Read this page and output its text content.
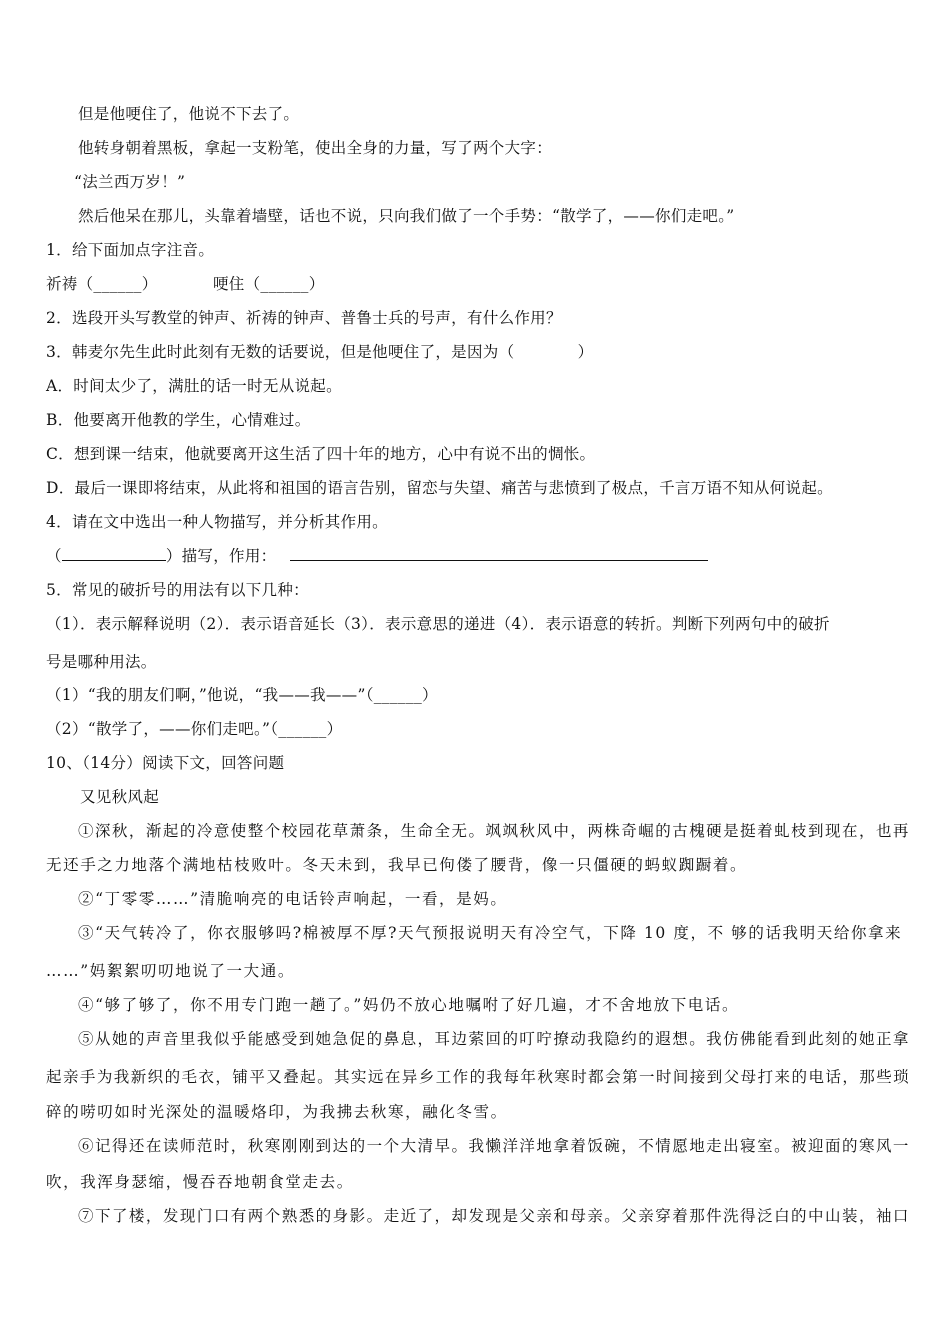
但是他哽住了，他说不下去了。
他转身朝着黑板，拿起一支粉笔，使出全身的力量，写了两个大字：
“法兰西万岁！”
然后他呆在那儿，头靠着墙壁，话也不说，只向我们做了一个手势：“散学了，——你们走吧。”
1．给下面加点字注音。
祈祷（______）	哽住（______）
2．选段开头写教堂的钟声、祈祷的钟声、普鲁士兵的号声，有什么作用？
3．韩麦尔先生此时此刻有无数的话要说，但是他哽住了，是因为（　　　　）
A．时间太少了，满肚的话一时无从说起。
B．他要离开他教的学生，心情难过。
C．想到课一结束，他就要离开这生活了四十年的地方，心中有说不出的惆怅。
D．最后一课即将结束，从此将和祖国的语言告别，留恋与失望、痛苦与悲愤到了极点，千言万语不知从何说起。
4．请在文中选出一种人物描写，并分析其作用。
（	）描写，作用：
5．常见的破折号的用法有以下几种：
（1）．表示解释说明（2）．表示语音延长（3）．表示意思的递进（4）．表示语意的转折。判断下列两句中的破折
号是哪种用法。
（1）“我的朋友们啊，”他说，“我——我——”（______）
（2）“散学了，——你们走吧。”（______）
10、（14分）阅读下文，回答问题
又见秋风起
①深秋，渐起的冷意使整个校园花草萧条，生命全无。飒飒秋风中，两株奇崛的古槐硬是挺着虬枝到现在，也再
无还手之力地落个满地枯枝败叶。冬天未到，我早已佝偻了腰背，像一只僵硬的蚂蚁踟蹰着。
②“丁零零……”清脆响亮的电话铃声响起，一看，是妈。
③“天气转冷了，你衣服够吗?棉被厚不厚?天气预报说明天有冷空气，下降 10 度，不 够的话我明天给你拿来
……”妈絮絮叨叨地说了一大通。
④“够了够了，你不用专门跑一趟了。”妈仍不放心地嘱咐了好几遍，才不舍地放下电话。
⑤从她的声音里我似乎能感受到她急促的鼻息，耳边萦回的叮咛撩动我隐约的遐想。我仿佛能看到此刻的她正拿
起亲手为我新织的毛衣，铺平又叠起。其实远在异乡工作的我每年秋寒时都会第一时间接到父母打来的电话，那些琐
碎的唠叨如时光深处的温暖烙印，为我拂去秋寒，融化冬雪。
⑥记得还在读师范时，秋寒刚刚到达的一个大清早。我懒洋洋地拿着饭碗，不情愿地走出寝室。被迎面的寒风一
吹，我浑身瑟缩，慢吞吞地朝食堂走去。
⑦下了楼，发现门口有两个熟悉的身影。走近了，却发现是父亲和母亲。父亲穿着那件洗得泛白的中山装，袖口
